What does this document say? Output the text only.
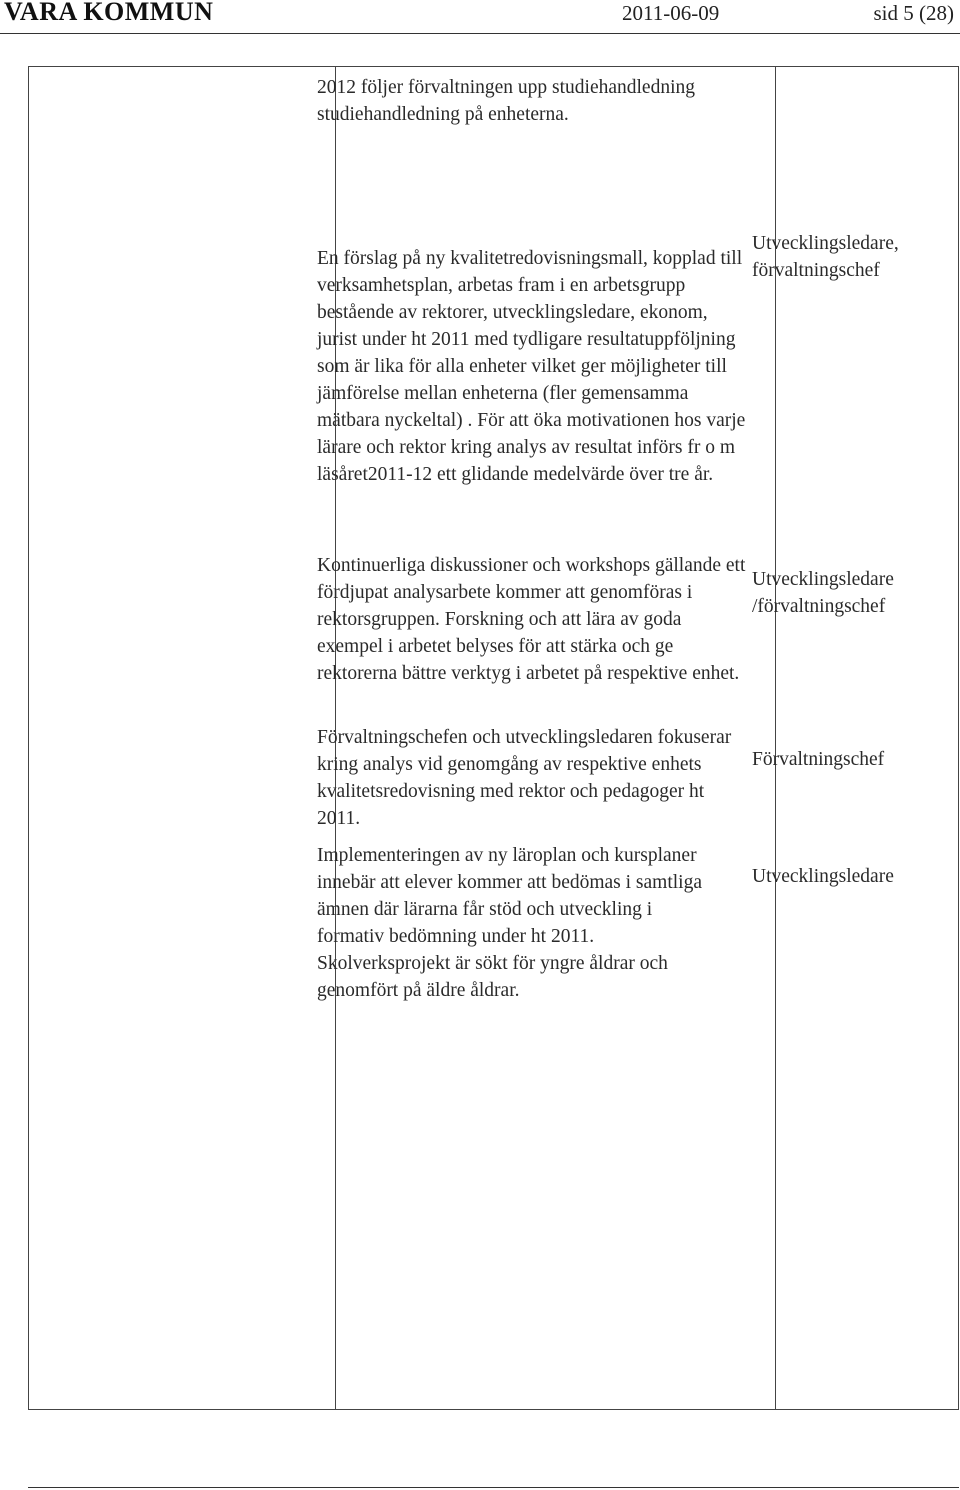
VARA KOMMUN	2011-06-09	sid 5 (28)

2012 följer förvaltningen upp studiehandledning studiehandledning på enheterna.

En förslag på ny kvalitetredovisningsmall, kopplad till verksamhetsplan, arbetas fram i en arbetsgrupp bestående av rektorer, utvecklingsledare, ekonom, jurist under ht 2011 med tydligare resultatuppföljning som är lika för alla enheter vilket ger möjligheter till jämförelse mellan enheterna (fler gemensamma mätbara nyckeltal) . För att öka motivationen hos varje lärare och rektor kring analys av resultat införs fr o m läsåret2011-12 ett glidande medelvärde över tre år.

Utvecklingsledare, förvaltningschef

Kontinuerliga diskussioner och workshops gällande ett fördjupat analysarbete kommer att genomföras i rektorsgruppen. Forskning och att lära av goda exempel i arbetet belyses för att stärka och ge rektorerna bättre verktyg i arbetet på respektive enhet.

Utvecklingsledare /förvaltningschef

Förvaltningschefen och utvecklingsledaren fokuserar kring analys vid genomgång av respektive enhets kvalitetsredovisning med rektor och pedagoger ht 2011.

Förvaltningschef

Implementeringen av ny läroplan och kursplaner innebär att elever kommer att bedömas i samtliga ämnen där lärarna får stöd och utveckling i formativ bedömning under ht 2011. Skolverksprojekt är sökt för yngre åldrar och genomfört på äldre åldrar.

Utvecklingsledare
